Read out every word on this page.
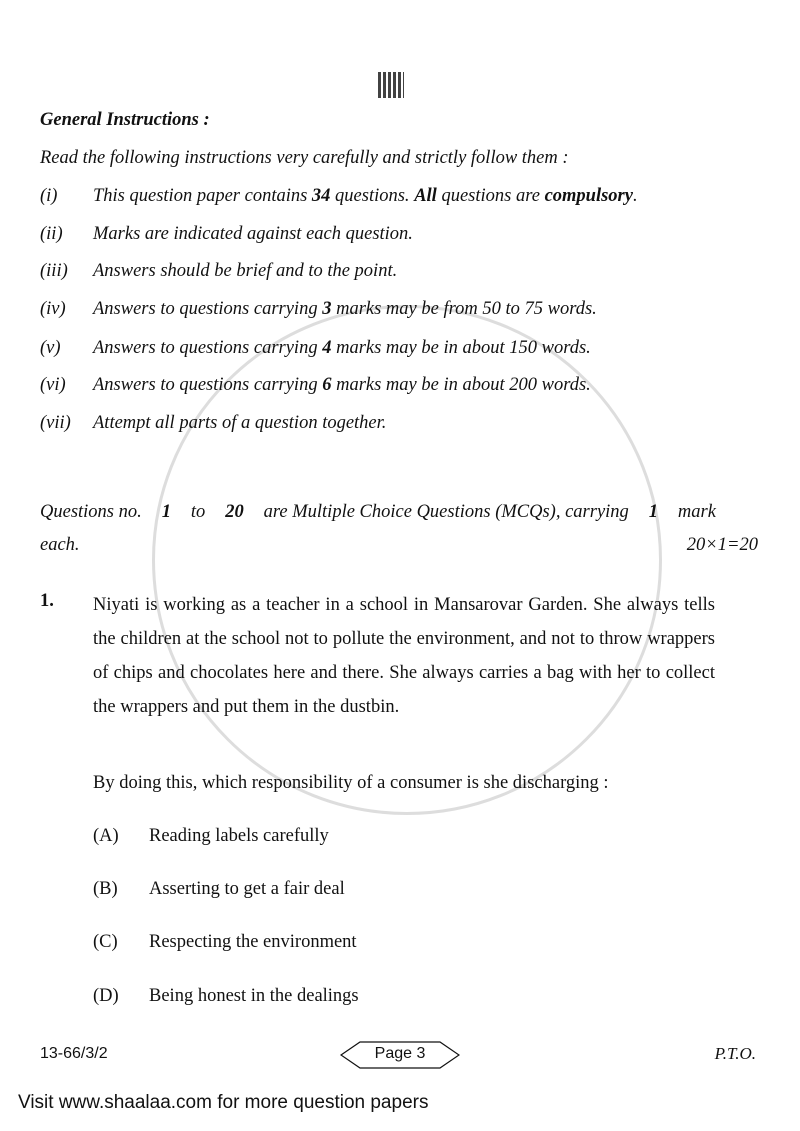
General Instructions :
Read the following instructions very carefully and strictly follow them :
(i) This question paper contains 34 questions. All questions are compulsory.
(ii) Marks are indicated against each question.
(iii) Answers should be brief and to the point.
(iv) Answers to questions carrying 3 marks may be from 50 to 75 words.
(v) Answers to questions carrying 4 marks may be in about 150 words.
(vi) Answers to questions carrying 6 marks may be in about 200 words.
(vii) Attempt all parts of a question together.
Questions no. 1 to 20 are Multiple Choice Questions (MCQs), carrying 1 mark
each.	20×1=20
1. Niyati is working as a teacher in a school in Mansarovar Garden. She always tells the children at the school not to pollute the environment, and not to throw wrappers of chips and chocolates here and there. She always carries a bag with her to collect the wrappers and put them in the dustbin.
By doing this, which responsibility of a consumer is she discharging :
(A) Reading labels carefully
(B) Asserting to get a fair deal
(C) Respecting the environment
(D) Being honest in the dealings
13-66/3/2	Page 3	P.T.O.
Visit www.shaalaa.com for more question papers
